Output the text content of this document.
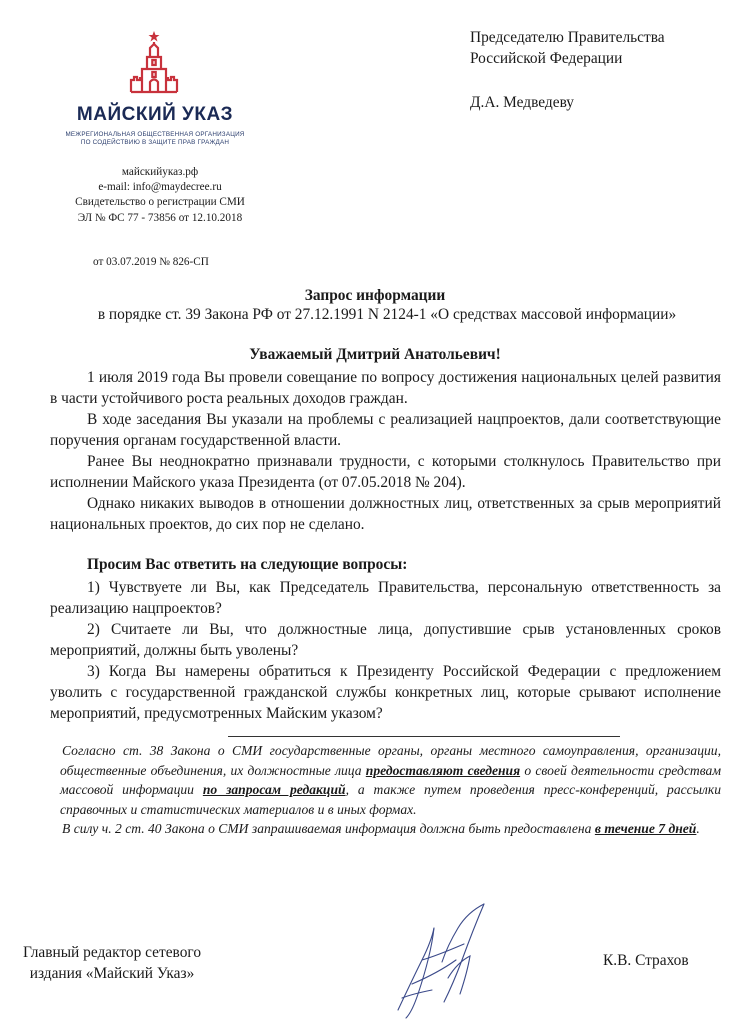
МАЙСКИЙ УКАЗ
МЕЖРЕГИОНАЛЬНАЯ ОБЩЕСТВЕННАЯ ОРГАНИЗАЦИЯ
ПО СОДЕЙСТВИЮ В ЗАЩИТЕ ПРАВ ГРАЖДАН
майскийуказ.рф
e-mail: info@maydecree.ru
Свидетельство о регистрации СМИ
ЭЛ № ФС 77 - 73856 от 12.10.2018
от 03.07.2019 № 826-СП
Председателю Правительства
Российской Федерации
Д.А. Медведеву
Запрос информации
в порядке ст. 39 Закона РФ от 27.12.1991 N 2124-1 «О средствах массовой информации»
Уважаемый Дмитрий Анатольевич!

1 июля 2019 года Вы провели совещание по вопросу достижения национальных целей развития в части устойчивого роста реальных доходов граждан.

В ходе заседания Вы указали на проблемы с реализацией нацпроектов, дали соответствующие поручения органам государственной власти.

Ранее Вы неоднократно признавали трудности, с которыми столкнулось Правительство при исполнении Майского указа Президента (от 07.05.2018 № 204).

Однако никаких выводов в отношении должностных лиц, ответственных за срыв мероприятий национальных проектов, до сих пор не сделано.

Просим Вас ответить на следующие вопросы:

1) Чувствуете ли Вы, как Председатель Правительства, персональную ответственность за реализацию нацпроектов?

2) Считаете ли Вы, что должностные лица, допустившие срыв установленных сроков мероприятий, должны быть уволены?

3) Когда Вы намерены обратиться к Президенту Российской Федерации с предложением уволить с государственной гражданской службы конкретных лиц, которые срывают исполнение мероприятий, предусмотренных Майским указом?

Согласно ст. 38 Закона о СМИ государственные органы, органы местного самоуправления, организации, общественные объединения, их должностные лица предоставляют сведения о своей деятельности средствам массовой информации по запросам редакций, а также путем проведения пресс-конференций, рассылки справочных и статистических материалов и в иных формах.

В силу ч. 2 ст. 40 Закона о СМИ запрашиваемая информация должна быть предоставлена в течение 7 дней.

Главный редактор сетевого
издания «Майский Указ»
К.В. Страхов
